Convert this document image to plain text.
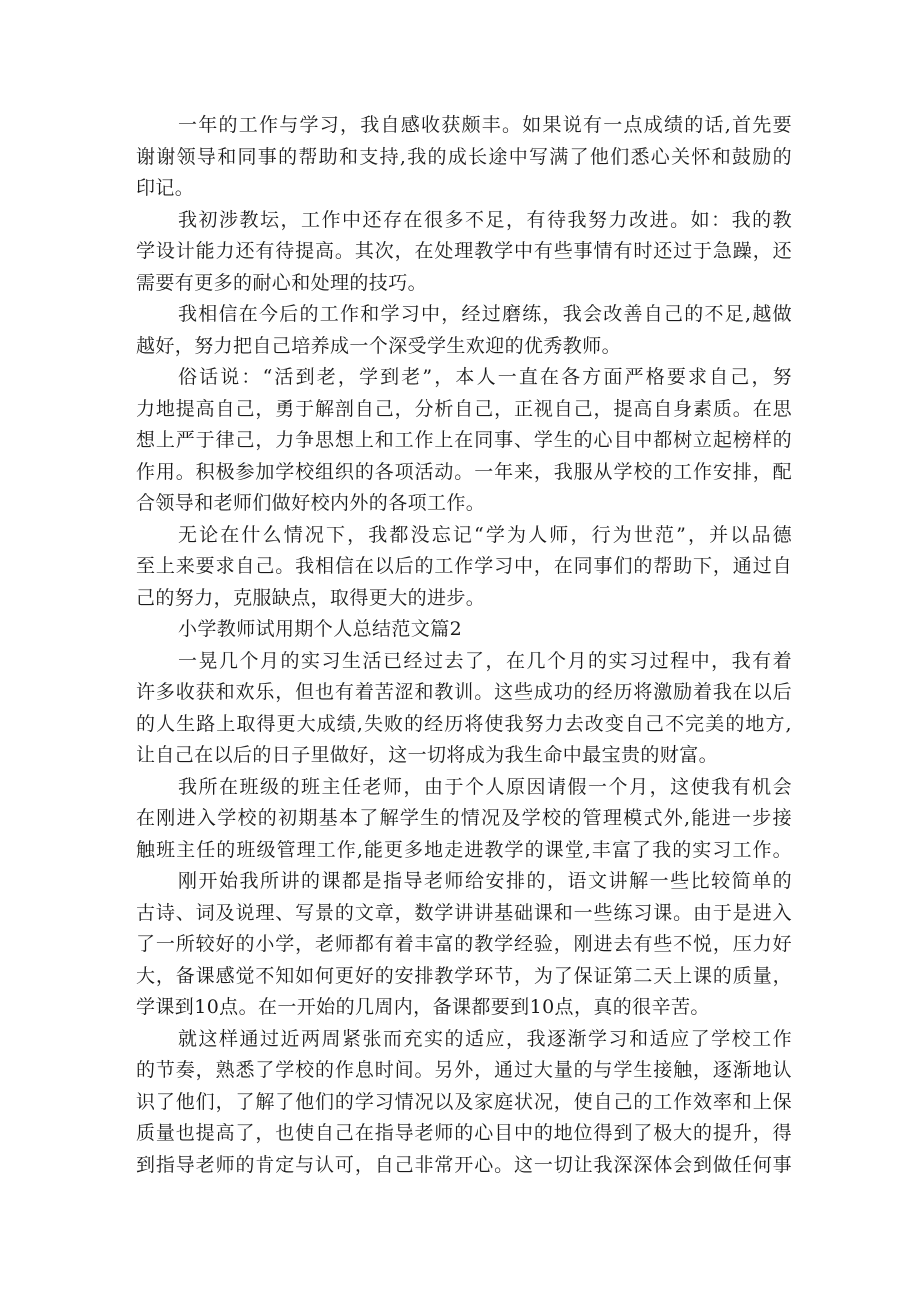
一年的工作与学习，我自感收获颇丰。如果说有一点成绩的话,首先要
谢谢领导和同事的帮助和支持,我的成长途中写满了他们悉心关怀和鼓励的
印记。
我初涉教坛，工作中还存在很多不足，有待我努力改进。如：我的教
学设计能力还有待提高。其次，在处理教学中有些事情有时还过于急躁，还
需要有更多的耐心和处理的技巧。
我相信在今后的工作和学习中，经过磨练，我会改善自己的不足,越做
越好，努力把自己培养成一个深受学生欢迎的优秀教师。
俗话说：“活到老，学到老”，本人一直在各方面严格要求自己，努
力地提高自己，勇于解剖自己，分析自己，正视自己，提高自身素质。在思
想上严于律己，力争思想上和工作上在同事、学生的心目中都树立起榜样的
作用。积极参加学校组织的各项活动。一年来，我服从学校的工作安排，配
合领导和老师们做好校内外的各项工作。
无论在什么情况下，我都没忘记“学为人师，行为世范”，并以品德
至上来要求自己。我相信在以后的工作学习中，在同事们的帮助下，通过自
己的努力，克服缺点，取得更大的进步。
小学教师试用期个人总结范文篇2
一晃几个月的实习生活已经过去了，在几个月的实习过程中，我有着
许多收获和欢乐，但也有着苦涩和教训。这些成功的经历将激励着我在以后
的人生路上取得更大成绩,失败的经历将使我努力去改变自己不完美的地方,
让自己在以后的日子里做好，这一切将成为我生命中最宝贵的财富。
我所在班级的班主任老师，由于个人原因请假一个月，这使我有机会
在刚进入学校的初期基本了解学生的情况及学校的管理模式外,能进一步接
触班主任的班级管理工作,能更多地走进教学的课堂,丰富了我的实习工作。
刚开始我所讲的课都是指导老师给安排的，语文讲解一些比较简单的
古诗、词及说理、写景的文章，数学讲讲基础课和一些练习课。由于是进入
了一所较好的小学，老师都有着丰富的教学经验，刚进去有些不悦，压力好
大，备课感觉不知如何更好的安排教学环节，为了保证第二天上课的质量，
学课到10点。在一开始的几周内，备课都要到10点，真的很辛苦。
就这样通过近两周紧张而充实的适应，我逐渐学习和适应了学校工作
的节奏，熟悉了学校的作息时间。另外，通过大量的与学生接触，逐渐地认
识了他们，了解了他们的学习情况以及家庭状况，使自己的工作效率和上保
质量也提高了，也使自己在指导老师的心目中的地位得到了极大的提升，得
到指导老师的肯定与认可，自己非常开心。这一切让我深深体会到做任何事
